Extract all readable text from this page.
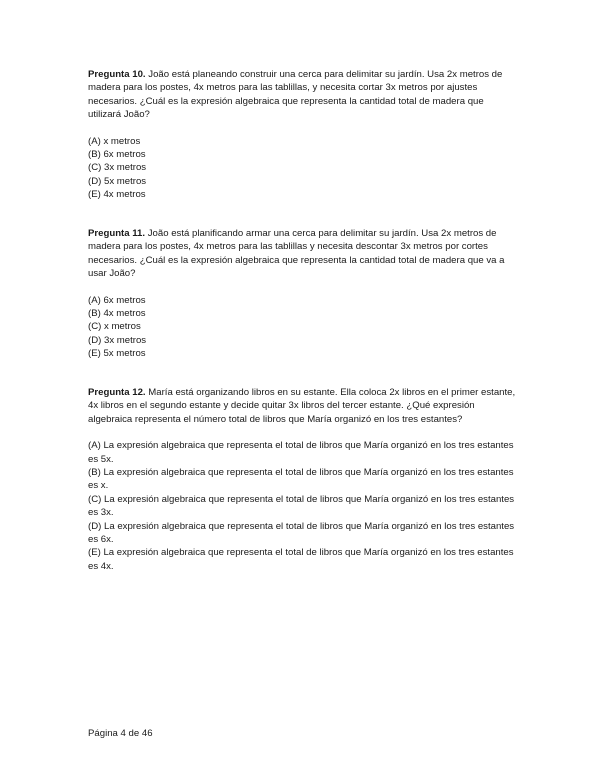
Pregunta 10. João está planeando construir una cerca para delimitar su jardín. Usa 2x metros de madera para los postes, 4x metros para las tablillas, y necesita cortar 3x metros por ajustes necesarios. ¿Cuál es la expresión algebraica que representa la cantidad total de madera que utilizará João?

(A) x metros
(B) 6x metros
(C) 3x metros
(D) 5x metros
(E) 4x metros

Pregunta 11. João está planificando armar una cerca para delimitar su jardín. Usa 2x metros de madera para los postes, 4x metros para las tablillas y necesita descontar 3x metros por cortes necesarios. ¿Cuál es la expresión algebraica que representa la cantidad total de madera que va a usar João?

(A) 6x metros
(B) 4x metros
(C) x metros
(D) 3x metros
(E) 5x metros

Pregunta 12. María está organizando libros en su estante. Ella coloca 2x libros en el primer estante, 4x libros en el segundo estante y decide quitar 3x libros del tercer estante. ¿Qué expresión algebraica representa el número total de libros que María organizó en los tres estantes?

(A) La expresión algebraica que representa el total de libros que María organizó en los tres estantes es 5x.
(B) La expresión algebraica que representa el total de libros que María organizó en los tres estantes es x.
(C) La expresión algebraica que representa el total de libros que María organizó en los tres estantes es 3x.
(D) La expresión algebraica que representa el total de libros que María organizó en los tres estantes es 6x.
(E) La expresión algebraica que representa el total de libros que María organizó en los tres estantes es 4x.
Página 4 de 46
